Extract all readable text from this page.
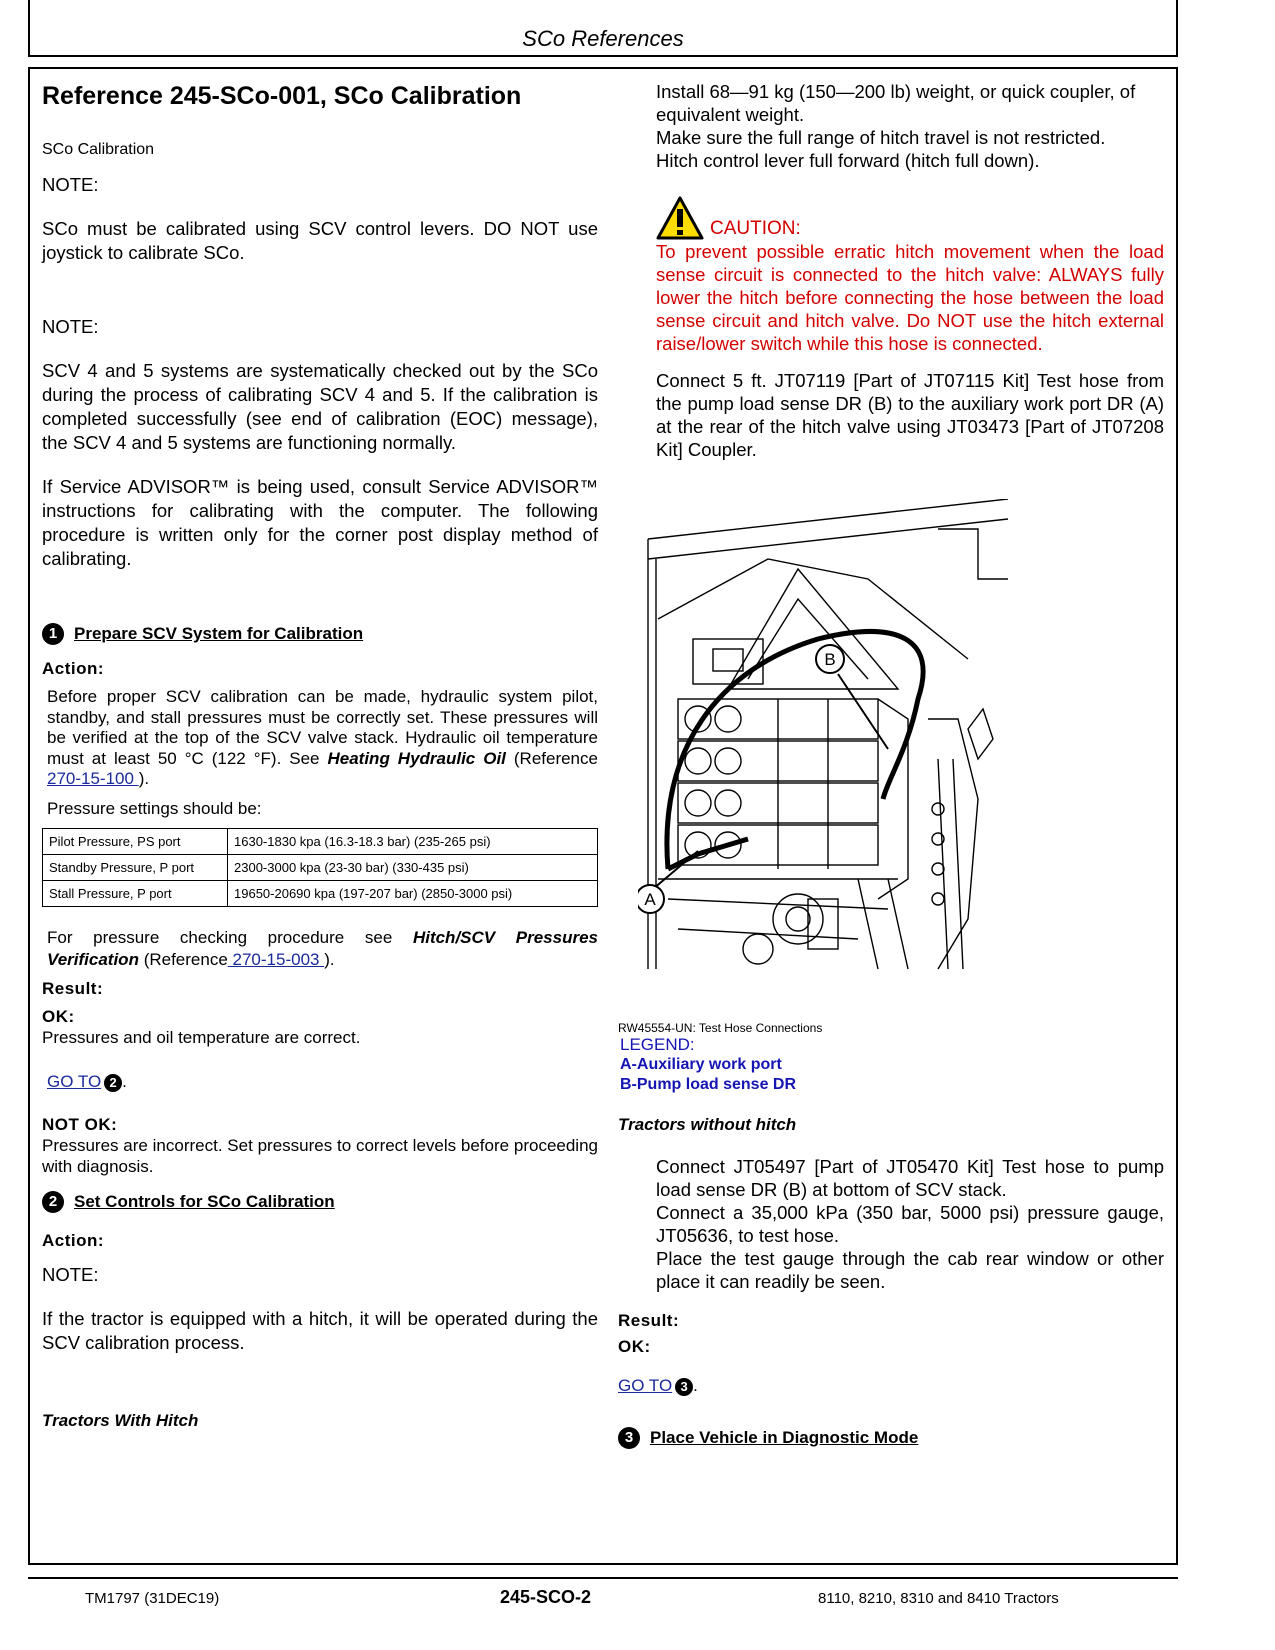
SCo References
Reference 245-SCo-001, SCo Calibration
SCo Calibration
NOTE:

SCo must be calibrated using SCV control levers. DO NOT use joystick to calibrate SCo.

NOTE:

SCV 4 and 5 systems are systematically checked out by the SCo during the process of calibrating SCV 4 and 5. If the calibration is completed successfully (see end of calibration (EOC) message), the SCV 4 and 5 systems are functioning normally.

If Service ADVISOR™ is being used, consult Service ADVISOR™ instructions for calibrating with the computer. The following procedure is written only for the corner post display method of calibrating.

1 Prepare SCV System for Calibration
Action:

Before proper SCV calibration can be made, hydraulic system pilot, standby, and stall pressures must be correctly set. These pressures will be verified at the top of the SCV valve stack. Hydraulic oil temperature must at least 50 °C (122 °F). See Heating Hydraulic Oil (Reference 270-15-100 ).

Pressure settings should be:
Pilot Pressure, PS port	1630-1830 kpa (16.3-18.3 bar) (235-265 psi)
Standby Pressure, P port	2300-3000 kpa (23-30 bar) (330-435 psi)
Stall Pressure, P port	19650-20690 kpa (197-207 bar) (2850-3000 psi)

For pressure checking procedure see Hitch/SCV Pressures Verification (Reference 270-15-003 ).

Result:
OK:
Pressures and oil temperature are correct.
GO TO 2 .
NOT OK:

Pressures are incorrect. Set pressures to correct levels before proceeding with diagnosis.

2 Set Controls for SCo Calibration
Action:
NOTE:

If the tractor is equipped with a hitch, it will be operated during the SCV calibration process.

Tractors With Hitch
Install 68—91 kg (150—200 lb) weight, or quick coupler, of equivalent weight.
Make sure the full range of hitch travel is not restricted.
Hitch control lever full forward (hitch full down).
CAUTION:

To prevent possible erratic hitch movement when the load sense circuit is connected to the hitch valve: ALWAYS fully lower the hitch before connecting the hose between the load sense circuit and hitch valve. Do NOT use the hitch external raise/lower switch while this hose is connected.

Connect 5 ft. JT07119 [Part of JT07115 Kit] Test hose from the pump load sense DR (B) to the auxiliary work port DR (A) at the rear of the hitch valve using JT03473 [Part of JT07208 Kit] Coupler.

B
A
RW45554-UN: Test Hose Connections
LEGEND:
A-Auxiliary work port
B-Pump load sense DR
Tractors without hitch
Connect JT05497 [Part of JT05470 Kit] Test hose to pump load sense DR (B) at bottom of SCV stack.
Connect a 35,000 kPa (350 bar, 5000 psi) pressure gauge, JT05636, to test hose.
Place the test gauge through the cab rear window or other place it can readily be seen.
Result:
OK:
GO TO 3 .
3 Place Vehicle in Diagnostic Mode
TM1797 (31DEC19)	245-SCO-2	8110, 8210, 8310 and 8410 Tractors
